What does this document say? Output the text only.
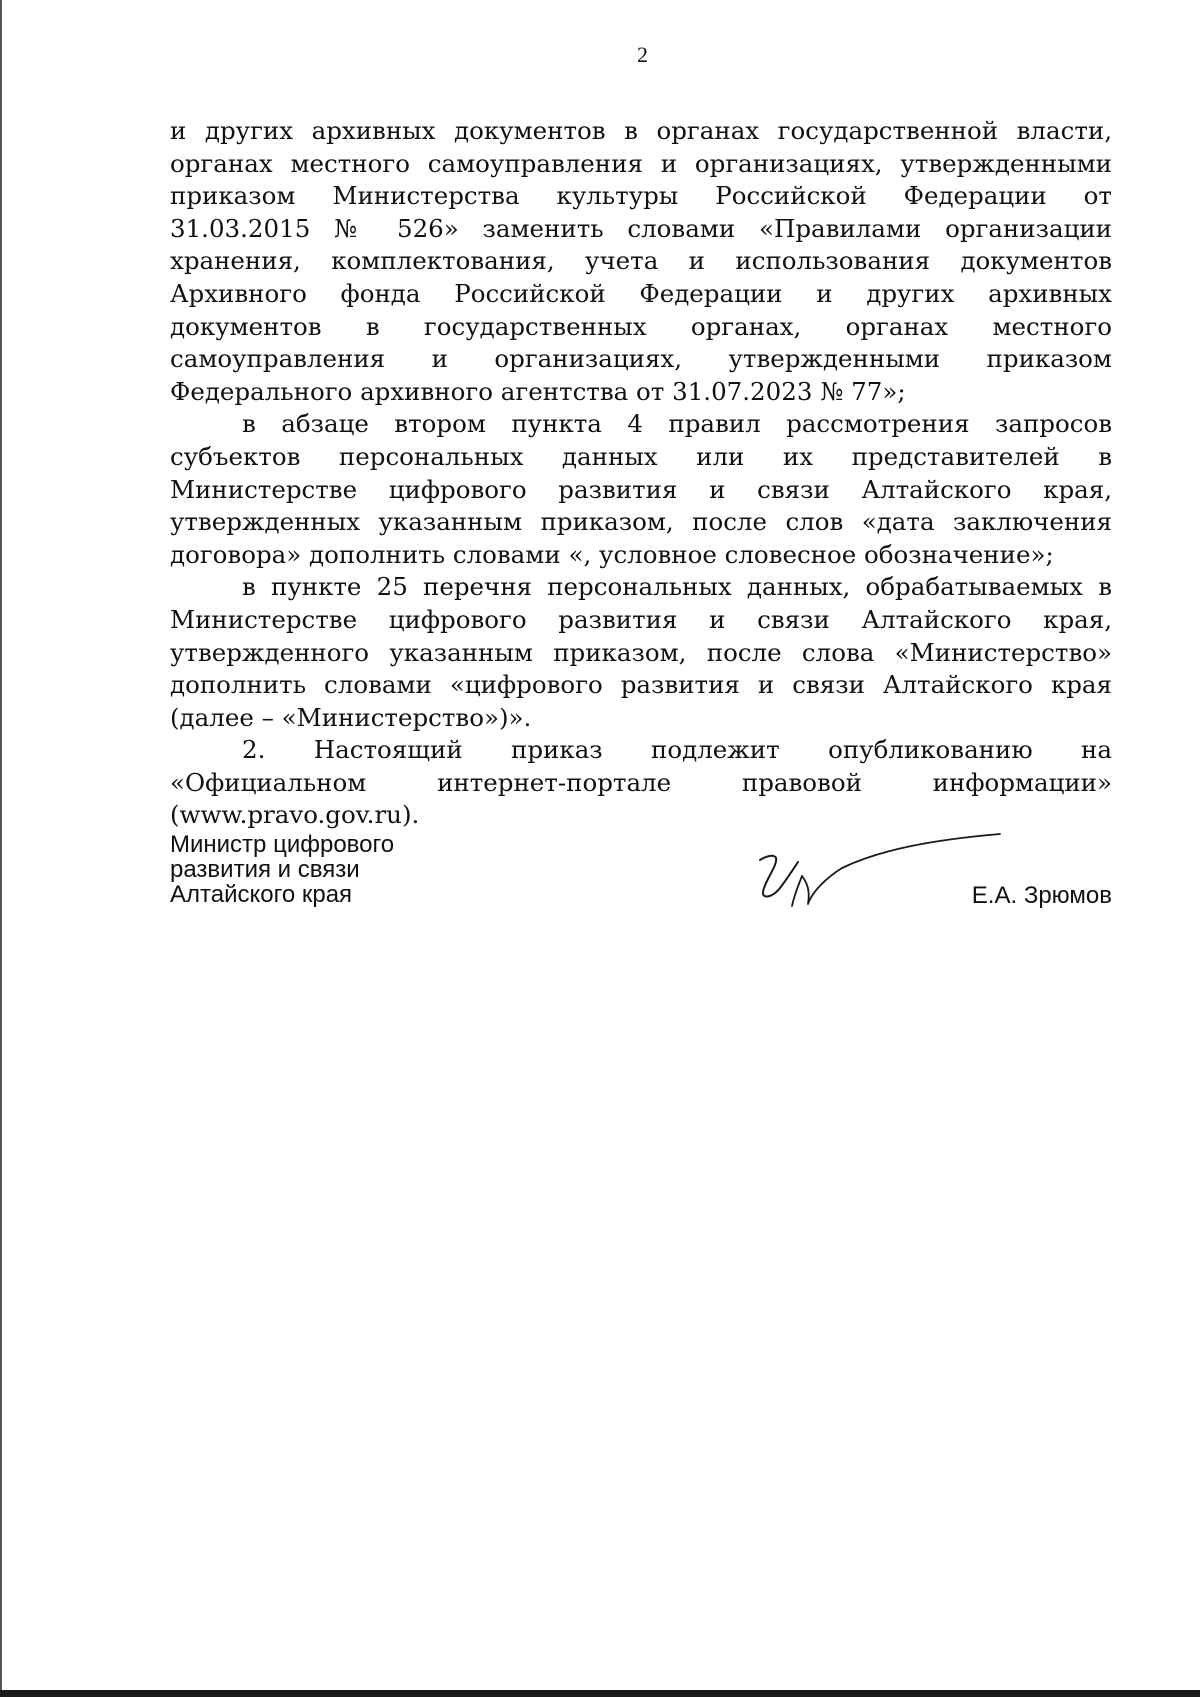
2

и других архивных документов в органах государственной власти, органах местного самоуправления и организациях, утвержденными приказом Министерства культуры Российской Федерации от 31.03.2015 № 526» заменить словами «Правилами организации хранения, комплектования, учета и использования документов Архивного фонда Российской Федерации и других архивных документов в государственных органах, органах местного самоуправления и организациях, утвержденными приказом Федерального архивного агентства от 31.07.2023 № 77»;

в абзаце втором пункта 4 правил рассмотрения запросов субъектов персональных данных или их представителей в Министерстве цифрового развития и связи Алтайского края, утвержденных указанным приказом, после слов «дата заключения договора» дополнить словами «, условное словесное обозначение»;

в пункте 25 перечня персональных данных, обрабатываемых в Министерстве цифрового развития и связи Алтайского края, утвержденного указанным приказом, после слова «Министерство» дополнить словами «цифрового развития и связи Алтайского края (далее – «Министерство»)».

2. Настоящий приказ подлежит опубликованию на «Официальном интернет-портале правовой информации» (www.pravo.gov.ru).

Министр цифрового
развития и связи
Алтайского края	Е.А. Зрюмов
